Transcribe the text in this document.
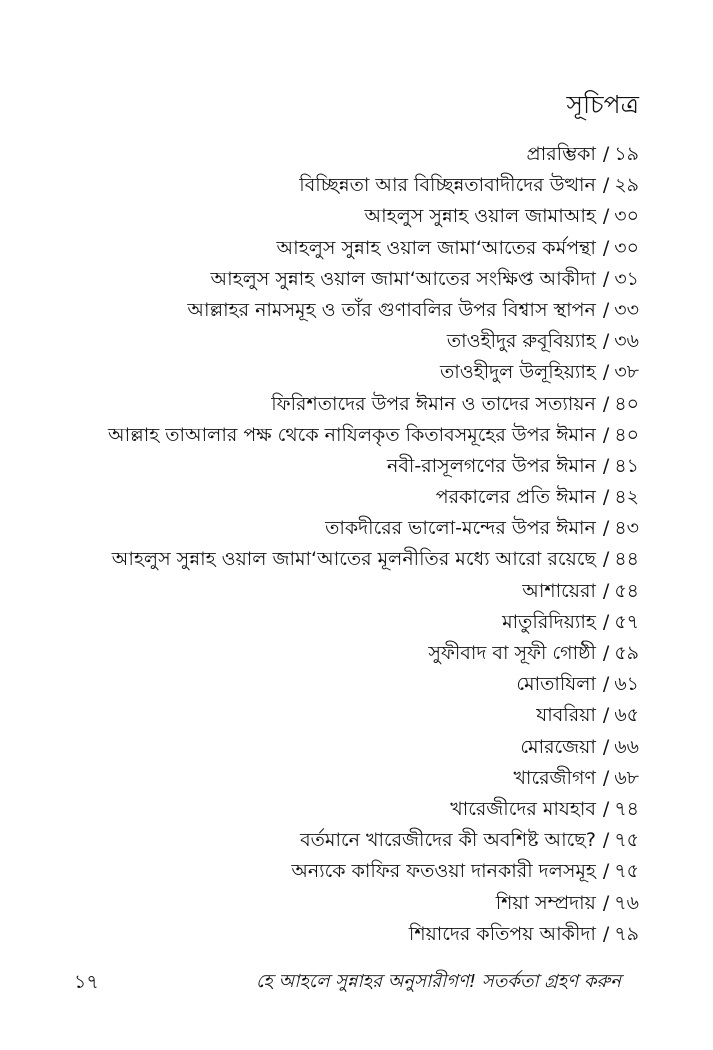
সূচিপত্র
প্রারম্ভিকা / ১৯
বিচ্ছিন্নতা আর বিচ্ছিন্নতাবাদীদের উত্থান / ২৯
আহলুস সুন্নাহ ওয়াল জামাআহ / ৩০
আহলুস সুন্নাহ ওয়াল জামা‘আতের কর্মপন্থা / ৩০
আহলুস সুন্নাহ ওয়াল জামা‘আতের সংক্ষিপ্ত আকীদা / ৩১
আল্লাহর নামসমূহ ও তাঁর গুণাবলির উপর বিশ্বাস স্থাপন / ৩৩
তাওহীদুর রুবূবিয়্যাহ / ৩৬
তাওহীদুল উলূহিয়্যাহ / ৩৮
ফিরিশতাদের উপর ঈমান ও তাদের সত্যায়ন / ৪০
আল্লাহ তাআলার পক্ষ থেকে নাযিলকৃত কিতাবসমূহের উপর ঈমান / ৪০
নবী-রাসূলগণের উপর ঈমান / ৪১
পরকালের প্রতি ঈমান / ৪২
তাকদীরের ভালো-মন্দের উপর ঈমান / ৪৩
আহলুস সুন্নাহ ওয়াল জামা‘আতের মূলনীতির মধ্যে আরো রয়েছে / ৪৪
আশায়েরা / ৫৪
মাতুরিদিয়্যাহ / ৫৭
সুফীবাদ বা সূফী গোষ্ঠী / ৫৯
মোতাযিলা / ৬১
যাবরিয়া / ৬৫
মোরজেয়া / ৬৬
খারেজীগণ / ৬৮
খারেজীদের মাযহাব / ৭৪
বর্তমানে খারেজীদের কী অবশিষ্ট আছে? / ৭৫
অন্যকে কাফির ফতওয়া দানকারী দলসমূহ / ৭৫
শিয়া সম্প্রদায় / ৭৬
শিয়াদের কতিপয় আকীদা / ৭৯
১৭	হে আহলে সুন্নাহর অনুসারীগণ! সতর্কতা গ্রহণ করুন
